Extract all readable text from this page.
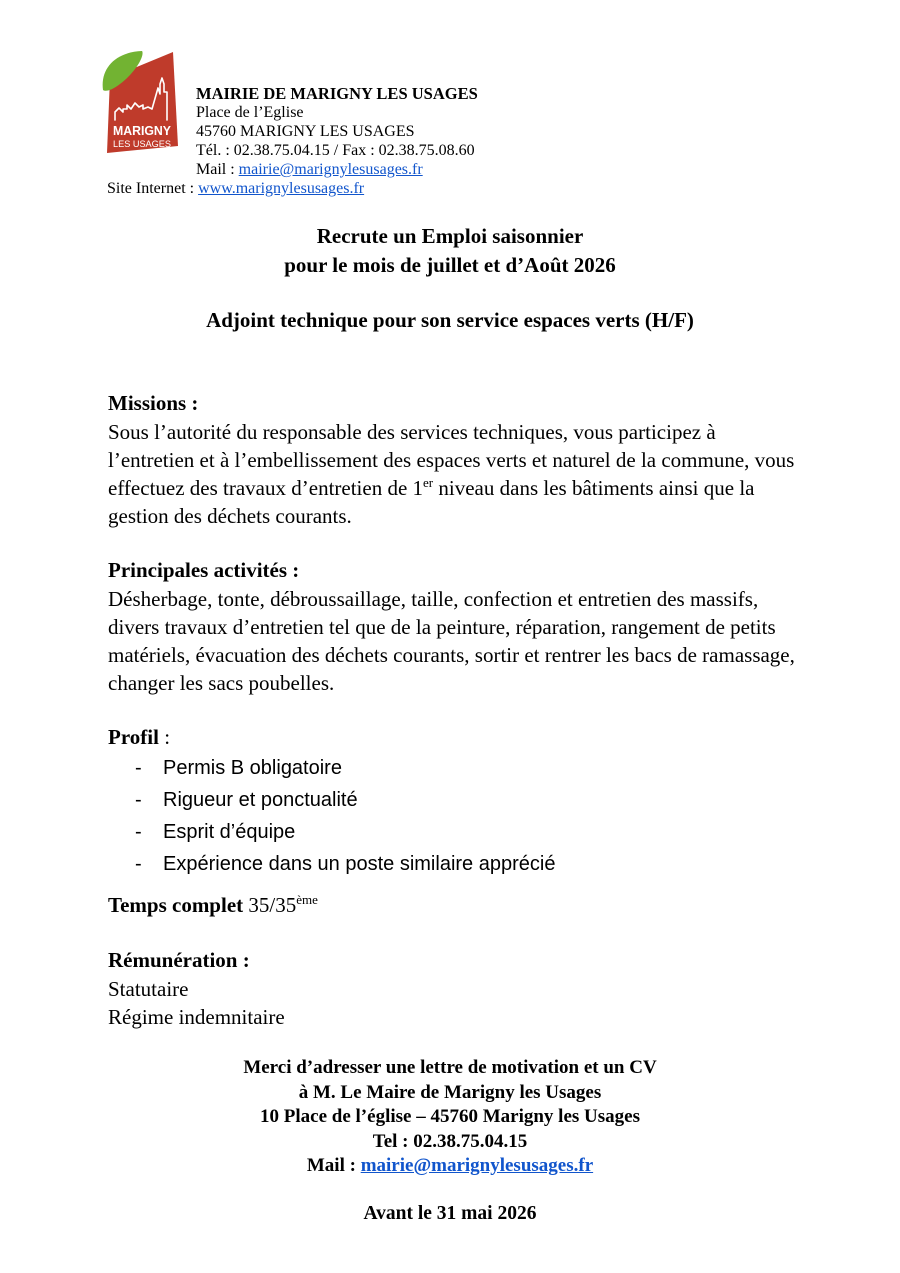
MARIGNY
LES USAGES
MAIRIE DE MARIGNY LES USAGES
Place de l’Eglise
45760 MARIGNY LES USAGES
Tél. : 02.38.75.04.15 / Fax : 02.38.75.08.60
Mail : mairie@marignylesusages.fr
Site Internet : www.marignylesusages.fr
Recrute un Emploi saisonnier
pour le mois de juillet et d’Août 2026
Adjoint technique pour son service espaces verts (H/F)
Missions :

Sous l’autorité du responsable des services techniques, vous participez à l’entretien et à l’embellissement des espaces verts et naturel de la commune, vous effectuez des travaux d’entretien de 1er niveau dans les bâtiments ainsi que la gestion des déchets courants.

Principales activités :

Désherbage, tonte, débroussaillage, taille, confection et entretien des massifs, divers travaux d’entretien tel que de la peinture, réparation, rangement de petits matériels, évacuation des déchets courants, sortir et rentrer les bacs de ramassage, changer les sacs poubelles.

Profil :
-	Permis B obligatoire
-	Rigueur et ponctualité
-	Esprit d’équipe
-	Expérience dans un poste similaire apprécié
Temps complet 35/35ème
Rémunération :

Statutaire

Régime indemnitaire

Merci d’adresser une lettre de motivation et un CV
à M. Le Maire de Marigny les Usages
10 Place de l’église – 45760 Marigny les Usages
Tel : 02.38.75.04.15
Mail : mairie@marignylesusages.fr
Avant le 31 mai 2026
